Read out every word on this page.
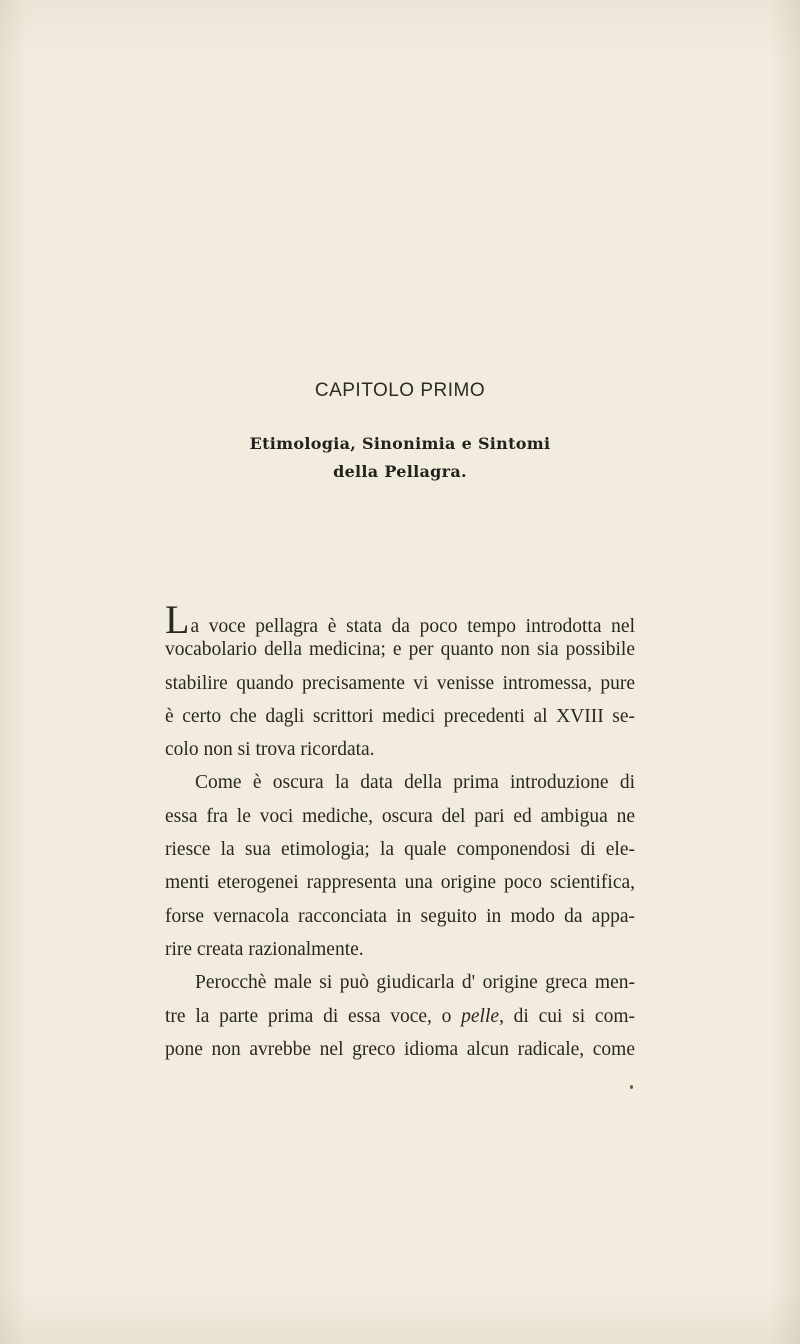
CAPITOLO PRIMO
Etimologia, Sinonimia e Sintomi
della Pellagra.
La voce pellagra è stata da poco tempo introdotta nel
vocabolario della medicina; e per quanto non sia possibile
stabilire quando precisamente vi venisse intromessa, pure
è certo che dagli scrittori medici precedenti al XVIII se-
colo non si trova ricordata.
Come è oscura la data della prima introduzione di
essa fra le voci mediche, oscura del pari ed ambigua ne
riesce la sua etimologia; la quale componendosi di ele-
menti eterogenei rappresenta una origine poco scientifica,
forse vernacola racconciata in seguito in modo da appa-
rire creata razionalmente.
Perocchè male si può giudicarla d' origine greca men-
tre la parte prima di essa voce, o pelle, di cui si com-
pone non avrebbe nel greco idioma alcun radicale, come
